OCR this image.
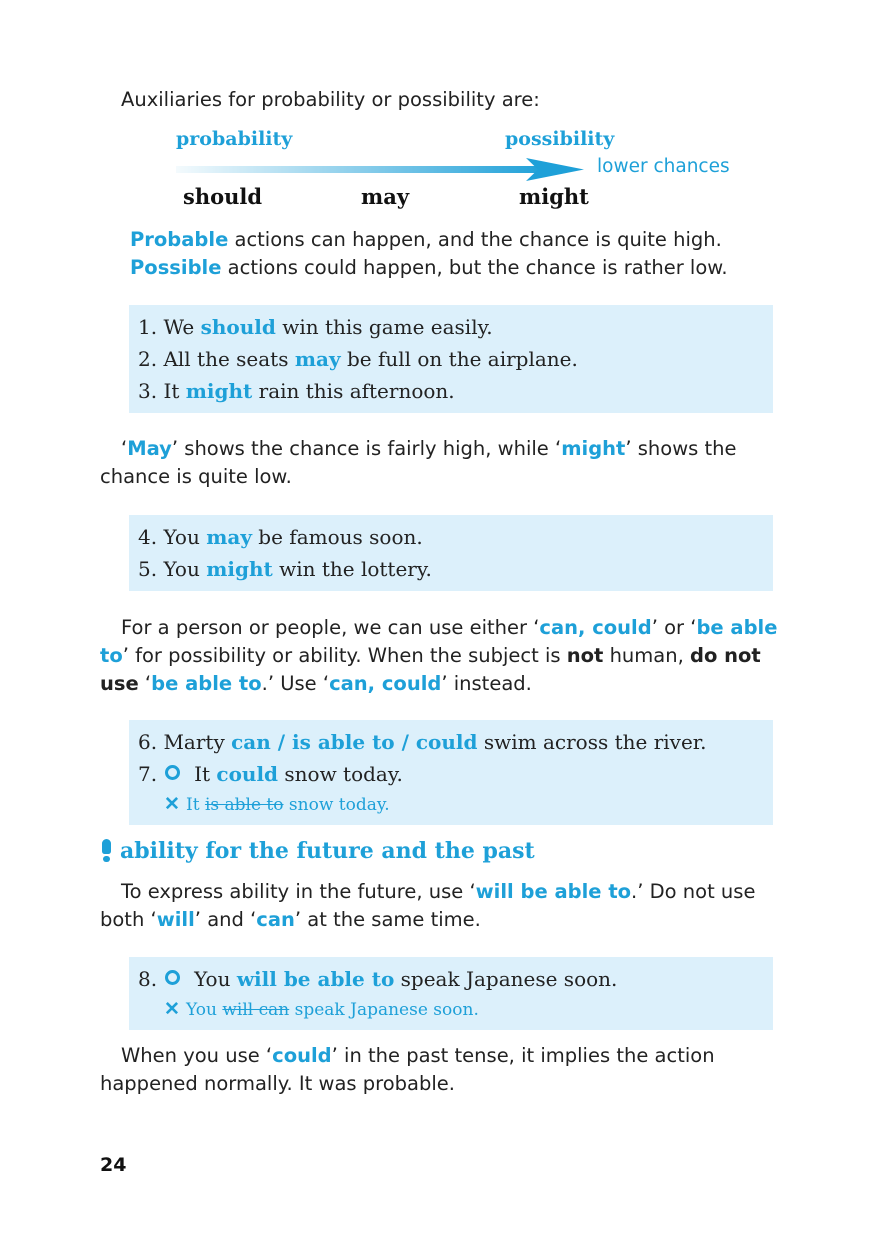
Auxiliaries for probability or possibility are:

probability	possibility
lower chances
should	may	might
Probable actions can happen, and the chance is quite high.
Possible actions could happen, but the chance is rather low.
1. We should win this game easily.
2. All the seats may be full on the airplane.
3. It might rain this afternoon.

‘May’ shows the chance is fairly high, while ‘might’ shows the chance is quite low.

4. You may be famous soon.
5. You might win the lottery.

For a person or people, we can use either ‘can, could’ or ‘be able to’ for possibility or ability. When the subject is not human, do not use ‘be able to.’ Use ‘can, could’ instead.

6. Marty can / is able to / could swim across the river.
7. It could snow today.
✕ It is able to snow today.
ability for the future and the past

To express ability in the future, use ‘will be able to.’ Do not use both ‘will’ and ‘can’ at the same time.

8. You will be able to speak Japanese soon.
✕ You will can speak Japanese soon.

When you use ‘could’ in the past tense, it implies the action happened normally. It was probable.

24
